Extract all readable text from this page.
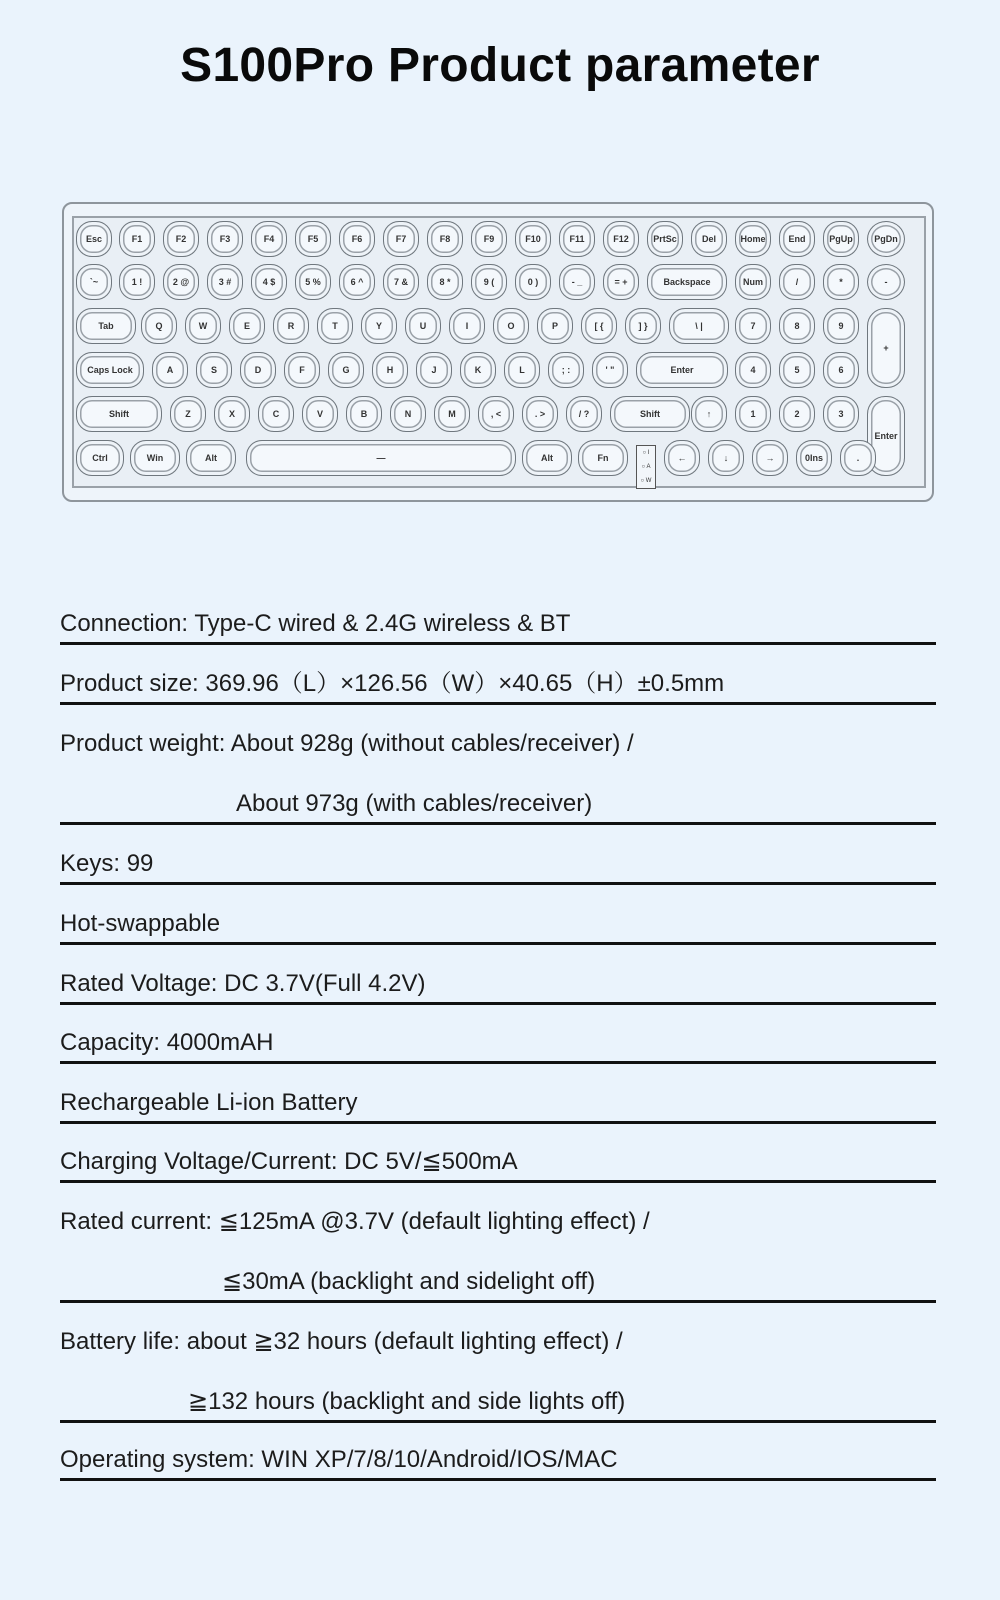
S100Pro Product parameter
Esc	F1	F2	F3	F4	F5	F6	F7	F8	F9	F10	F11	F12	PrtSc	Del	Home	End	PgUp	PgDn
`~	1 !	2 @	3 #	4 $	5 %	6 ^	7 &	8 *	9 (	0 )	- _	= +	Backspace	Num	/	*	-
Tab	Q	W	E	R	T	Y	U	I	O	P	[ {	] }	\ |	7	8	9
+
Caps Lock	A	S	D	F	G	H	J	K	L	; :	' "	Enter	4	5	6
Shift	Z	X	C	V	B	N	M	, <	. >	/ ?	Shift	↑	1	2	3
Enter
Ctrl	Win	Alt	—	Alt	Fn	←	↓	→	0Ins	.
○ I
○ A
○ W
Connection: Type-C wired & 2.4G wireless & BT
Product size: 369.96（L）×126.56（W）×40.65（H）±0.5mm
Product weight: About 928g (without cables/receiver) /
About 973g (with cables/receiver)
Keys: 99
Hot-swappable
Rated Voltage: DC 3.7V(Full 4.2V)
Capacity: 4000mAH
Rechargeable Li-ion Battery
Charging Voltage/Current: DC 5V/≦500mA
Rated current: ≦125mA @3.7V (default lighting effect) /
≦30mA (backlight and sidelight off)
Battery life: about ≧32 hours (default lighting effect) /
≧132 hours (backlight and side lights off)
Operating system: WIN XP/7/8/10/Android/IOS/MAC
